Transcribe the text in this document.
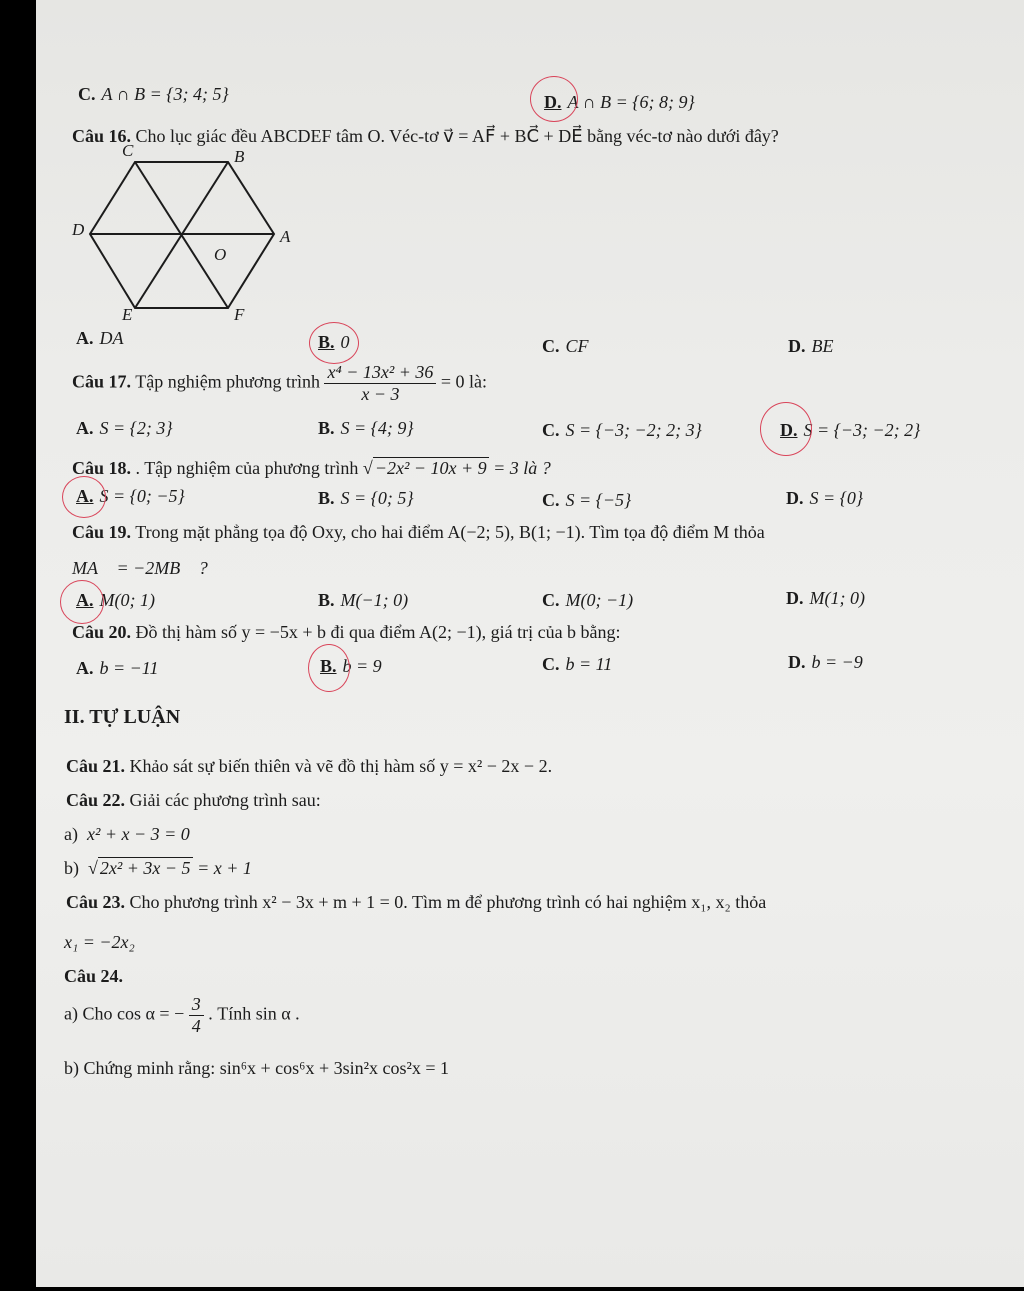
C. A ∩ B = {3; 4; 5}	D. A ∩ B = {6; 8; 9}
Câu 16. Cho lục giác đều ABCDEF tâm O. Véc-tơ v⃗ = AF⃗ + BC⃗ + DE⃗ bằng véc-tơ nào dưới đây?
C	B
D	A
O
E	F
A. DA⃗	B. 0⃗	C. CF⃗	D. BE⃗
Câu 17. Tập nghiệm phương trình $\frac{\text{x⁴ − 13x² + 36}}{x - 3} = 0$ là:
A. S = {2; 3}	B. S = {4; 9}	C. S = {−3; −2; 2; 3}	D. S = {−3; −2; 2}
Câu 18. . Tập nghiệm của phương trình √ −2x² − 10x + 9 = 3 là ?
A. S = {0; −5}	B. S = {0; 5}	C. S = {−5}	D. S = {0}
Câu 19. Trong mặt phẳng tọa độ Oxy, cho hai điểm A(−2; 5), B(1; −1). Tìm tọa độ điểm M thỏa
MA⃗ = −2MB⃗ ?
A. M(0; 1)	B. M(−1; 0)	C. M(0; −1)	D. M(1; 0)
Câu 20. Đồ thị hàm số y = −5x + b đi qua điểm A(2; −1), giá trị của b bằng:
A. b = −11	B. b = 9	C. b = 11	D. b = −9
II. TỰ LUẬN
Câu 21. Khảo sát sự biến thiên và vẽ đồ thị hàm số y = x² − 2x − 2.
Câu 22. Giải các phương trình sau:
a) x² + x − 3 = 0
b)  √ 2x² + 3x − 5 = x + 1
Câu 23. Cho phương trình x² − 3x + m + 1 = 0. Tìm m để phương trình có hai nghiệm x₁, x₂ thỏa
x₁ = −2x₂
Câu 24.
a) Cho cos α = − $\frac{3}{4}$ . Tính sin α .
b) Chứng minh rằng: sin⁶x + cos⁶x + 3sin²x cos²x = 1
